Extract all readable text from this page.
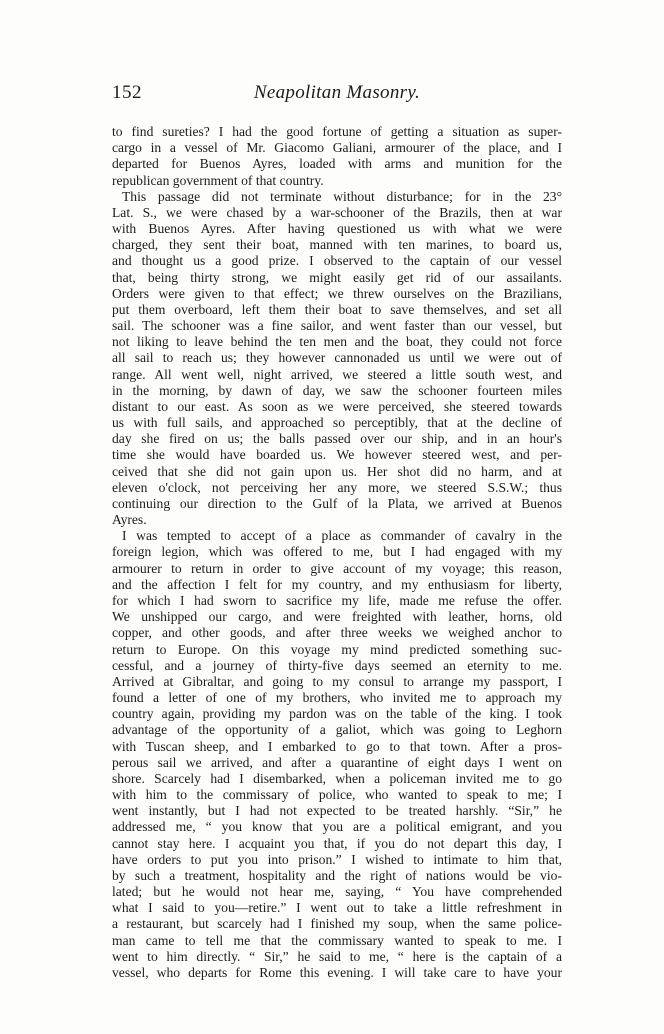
152	Neapolitan Masonry.
to find sureties? I had the good fortune of getting a situation as super-
cargo in a vessel of Mr. Giacomo Galiani, armourer of the place, and I
departed for Buenos Ayres, loaded with arms and munition for the
republican government of that country.
This passage did not terminate without disturbance; for in the 23°
Lat. S., we were chased by a war-schooner of the Brazils, then at war
with Buenos Ayres. After having questioned us with what we were
charged, they sent their boat, manned with ten marines, to board us,
and thought us a good prize. I observed to the captain of our vessel
that, being thirty strong, we might easily get rid of our assailants.
Orders were given to that effect; we threw ourselves on the Brazilians,
put them overboard, left them their boat to save themselves, and set all
sail. The schooner was a fine sailor, and went faster than our vessel, but
not liking to leave behind the ten men and the boat, they could not force
all sail to reach us; they however cannonaded us until we were out of
range. All went well, night arrived, we steered a little south west, and
in the morning, by dawn of day, we saw the schooner fourteen miles
distant to our east. As soon as we were perceived, she steered towards
us with full sails, and approached so perceptibly, that at the decline of
day she fired on us; the balls passed over our ship, and in an hour's
time she would have boarded us. We however steered west, and per-
ceived that she did not gain upon us. Her shot did no harm, and at
eleven o'clock, not perceiving her any more, we steered S.S.W.; thus
continuing our direction to the Gulf of la Plata, we arrived at Buenos
Ayres.
I was tempted to accept of a place as commander of cavalry in the
foreign legion, which was offered to me, but I had engaged with my
armourer to return in order to give account of my voyage; this reason,
and the affection I felt for my country, and my enthusiasm for liberty,
for which I had sworn to sacrifice my life, made me refuse the offer.
We unshipped our cargo, and were freighted with leather, horns, old
copper, and other goods, and after three weeks we weighed anchor to
return to Europe. On this voyage my mind predicted something suc-
cessful, and a journey of thirty-five days seemed an eternity to me.
Arrived at Gibraltar, and going to my consul to arrange my passport, I
found a letter of one of my brothers, who invited me to approach my
country again, providing my pardon was on the table of the king. I took
advantage of the opportunity of a galiot, which was going to Leghorn
with Tuscan sheep, and I embarked to go to that town. After a pros-
perous sail we arrived, and after a quarantine of eight days I went on
shore. Scarcely had I disembarked, when a policeman invited me to go
with him to the commissary of police, who wanted to speak to me; I
went instantly, but I had not expected to be treated harshly. “Sir,” he
addressed me, “ you know that you are a political emigrant, and you
cannot stay here. I acquaint you that, if you do not depart this day, I
have orders to put you into prison.” I wished to intimate to him that,
by such a treatment, hospitality and the right of nations would be vio-
lated; but he would not hear me, saying, “ You have comprehended
what I said to you—retire.” I went out to take a little refreshment in
a restaurant, but scarcely had I finished my soup, when the same police-
man came to tell me that the commissary wanted to speak to me. I
went to him directly. “ Sir,” he said to me, “ here is the captain of a
vessel, who departs for Rome this evening. I will take care to have your
